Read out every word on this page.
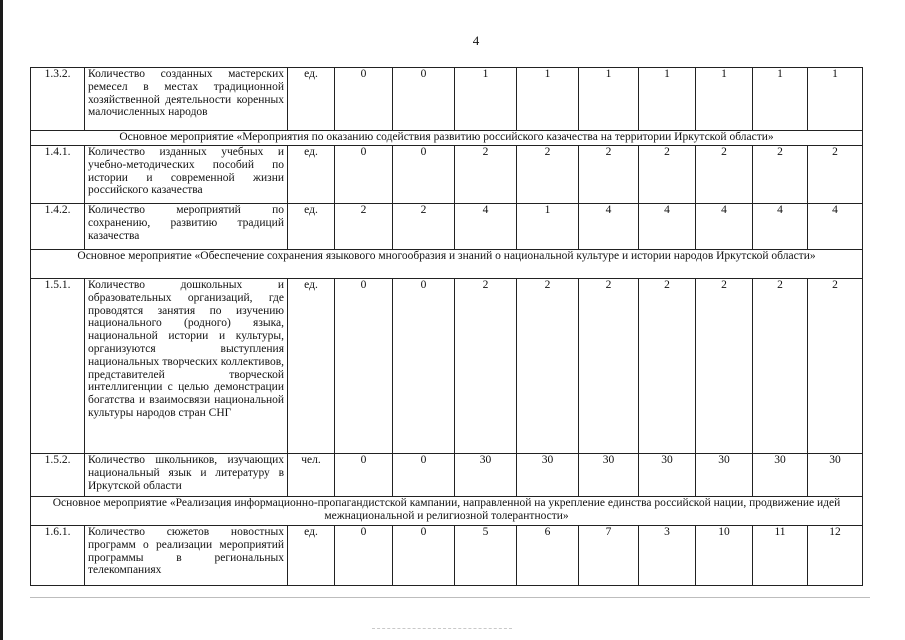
4
1.3.2.	Количество созданных мастерских ремесел в местах традиционной хозяйственной деятельности коренных малочисленных народов	ед.	0	0	1	1	1	1	1	1	1
Основное мероприятие «Мероприятия по оказанию содействия развитию российского казачества на территории Иркутской области»											
1.4.1.	Количество изданных учебных и учебно-методических пособий по истории и современной жизни российского казачества	ед.	0	0	2	2	2	2	2	2	2
1.4.2.	Количество мероприятий по сохранению, развитию традиций казачества	ед.	2	2	4	1	4	4	4	4	4
Основное мероприятие «Обеспечение сохранения языкового многообразия и знаний о национальной культуре и истории народов Иркутской области»											
1.5.1.	Количество дошкольных и образовательных организаций, где проводятся занятия по изучению национального (родного) языка, национальной истории и культуры, организуются выступления национальных творческих коллективов, представителей творческой интеллигенции с целью демонстрации богатства и взаимосвязи национальной культуры народов стран СНГ	ед.	0	0	2	2	2	2	2	2	2
1.5.2.	Количество школьников, изучающих национальный язык и литературу в Иркутской области	чел.	0	0	30	30	30	30	30	30	30
Основное мероприятие «Реализация информационно-пропагандистской кампании, направленной на укрепление единства российской нации, продвижение идей межнациональной и религиозной толерантности»											
1.6.1.	Количество сюжетов новостных программ о реализации мероприятий программы в региональных телекомпаниях	ед.	0	0	5	6	7	3	10	11	12
